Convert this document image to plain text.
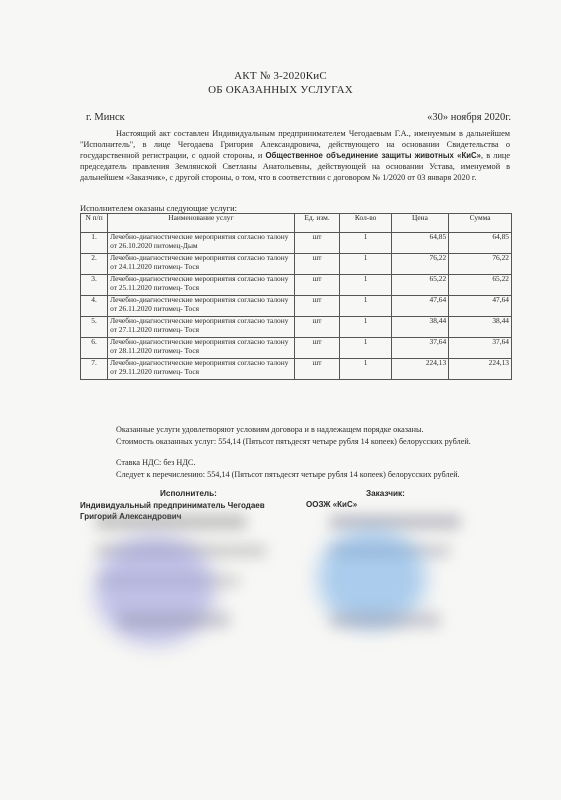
АКТ № 3-2020КиС
ОБ ОКАЗАННЫХ УСЛУГАХ
г. Минск	«30» ноября 2020г.
Настоящий акт составлен Индивидуальным предпринимателем Чегодаевым Г.А., именуемым в дальнейшем "Исполнитель", в лице Чегодаева Григория Александровича, действующего на основании Свидетельства о государственной регистрации, с одной стороны, и Общественное объединение защиты животных «КиС», в лице председатель правления Землянской Светланы Анатольевны, действующей на основании Устава, именуемой в дальнейшем «Заказчик», с другой стороны, о том, что в соответствии с договором № 1/2020 от 03 января 2020 г.
Исполнителем оказаны следующие услуги:
N п/п	Наименование услуг	Ед. изм.	Кол-во	Цена	Сумма
1.	Лечебно-диагностические мероприятия согласно талону от 26.10.2020 питомец-Дым	шт	1	64,85	64,85
2.	Лечебно-диагностические мероприятия согласно талону от 24.11.2020 питомец- Тося	шт	1	76,22	76,22
3.	Лечебно-диагностические мероприятия согласно талону от 25.11.2020 питомец- Тося	шт	1	65,22	65,22
4.	Лечебно-диагностические мероприятия согласно талону от 26.11.2020 питомец- Тося	шт	1	47,64	47,64
5.	Лечебно-диагностические мероприятия согласно талону от 27.11.2020 питомец- Тося	шт	1	38,44	38,44
6.	Лечебно-диагностические мероприятия согласно талону от 28.11.2020 питомец- Тося	шт	1	37,64	37,64
7.	Лечебно-диагностические мероприятия согласно талону от 29.11.2020 питомец- Тося	шт	1	224,13	224,13
Оказанные услуги удовлетворяют условиям договора и в надлежащем порядке оказаны.
Стоимость оказанных услуг: 554,14 (Пятьсот пятьдесят четыре рубля 14 копеек) белорусских рублей.
Ставка НДС: без НДС.
Следует к перечислению: 554,14 (Пятьсот пятьдесят четыре рубля 14 копеек) белорусских рублей.
Исполнитель:	Заказчик:
Индивидуальный предприниматель Чегодаев
Григорий Александрович
ООЗЖ «КиС»
